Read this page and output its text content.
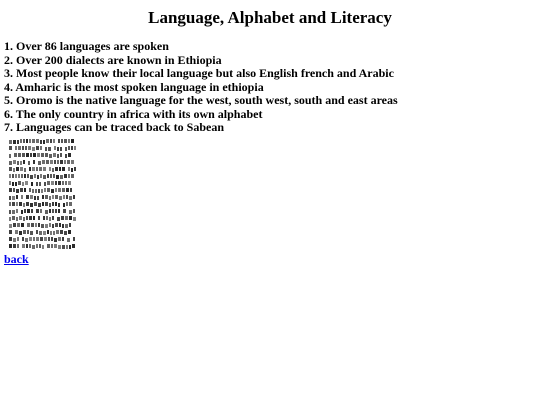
Language, Alphabet and Literacy
1. Over 86 languages are spoken
2. Over 200 dialects are known in Ethiopia
3. Most people know their local language but also English french and Arabic
4. Amharic is the most spoken language in ethiopia
5. Oromo is the native language for the west, south west, south and east areas
6. The only country in africa with its own alphabet
7. Languages can be traced back to Sabean
back
